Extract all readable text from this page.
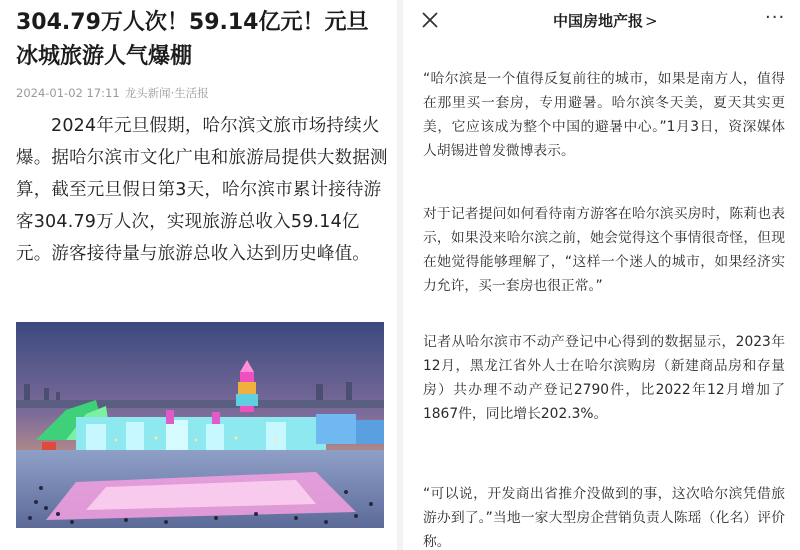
304.79万人次！59.14亿元！元旦冰城旅游人气爆棚
2024-01-02 17:11 龙头新闻·生活报
2024年元旦假期，哈尔滨文旅市场持续火爆。据哈尔滨市文化广电和旅游局提供大数据测算，截至元旦假日第3天，哈尔滨市累计接待游客304.79万人次，实现旅游总收入59.14亿元。游客接待量与旅游总收入达到历史峰值。
中国房地产报 >	···
“哈尔滨是一个值得反复前往的城市，如果是南方人，值得在那里买一套房，专用避暑。哈尔滨冬天美，夏天其实更美，它应该成为整个中国的避暑中心。”1月3日，资深媒体人胡锡进曾发微博表示。
对于记者提问如何看待南方游客在哈尔滨买房时，陈莉也表示，如果没来哈尔滨之前，她会觉得这个事情很奇怪，但现在她觉得能够理解了，“这样一个迷人的城市，如果经济实力允许，买一套房也很正常。”
记者从哈尔滨市不动产登记中心得到的数据显示，2023年12月，黑龙江省外人士在哈尔滨购房（新建商品房和存量房）共办理不动产登记2790件，比2022年12月增加了1867件，同比增长202.3%。
“可以说，开发商出省推介没做到的事，这次哈尔滨凭借旅游办到了。”当地一家大型房企营销负责人陈瑶（化名）评价称。
